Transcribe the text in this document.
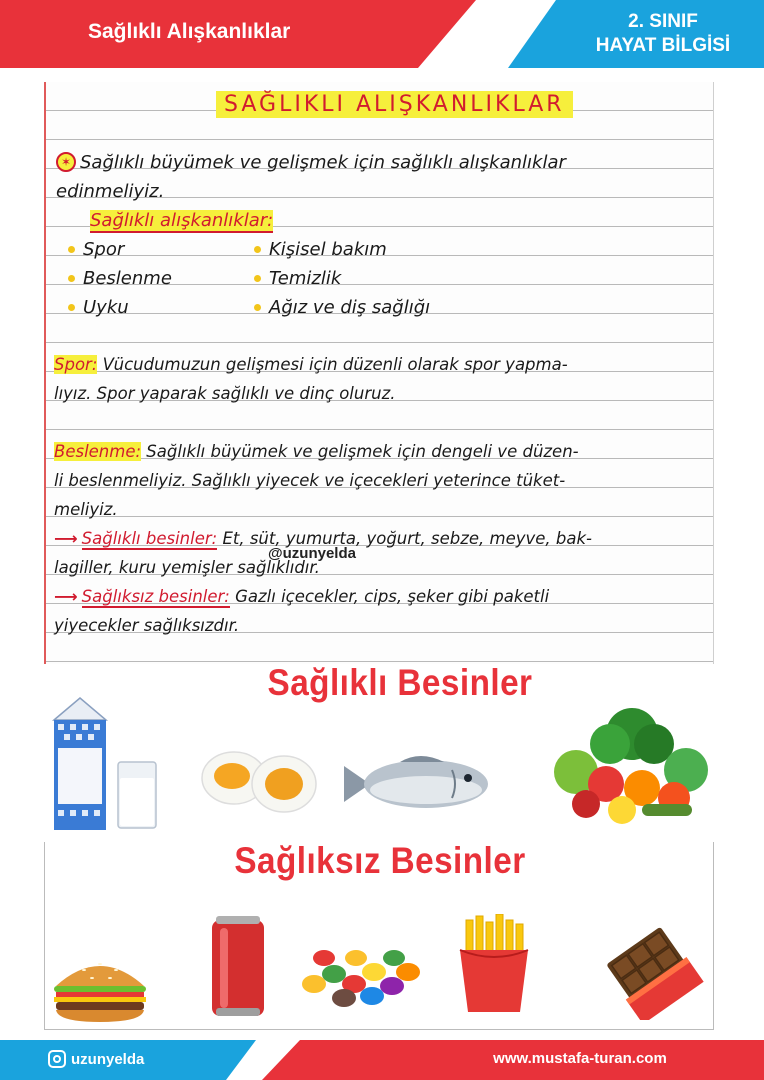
Sağlıklı Alışkanlıklar	2. SINIF
HAYAT BİLGİSİ
SAĞLIKLI ALIŞKANLIKLAR
✶ Sağlıklı büyümek ve gelişmek için sağlıklı alışkanlıklar
edinmeliyiz.
Sağlıklı alışkanlıklar:
Spor
Beslenme
Uyku
Kişisel bakım
Temizlik
Ağız ve diş sağlığı
Spor: Vücudumuzun gelişmesi için düzenli olarak spor yapma-
lıyız. Spor yaparak sağlıklı ve dinç oluruz.
Beslenme: Sağlıklı büyümek ve gelişmek için dengeli ve düzen-
li beslenmeliyiz. Sağlıklı yiyecek ve içecekleri yeterince tüket-
meliyiz.
⟶ Sağlıklı besinler: Et, süt, yumurta, yoğurt, sebze, meyve, bak-
lagiller, kuru yemişler sağlıklıdır.
⟶ Sağlıksız besinler: Gazlı içecekler, cips, şeker gibi paketli
yiyecekler sağlıksızdır.
@uzunyelda
Sağlıklı Besinler
Sağlıksız Besinler
uzunyelda	www.mustafa-turan.com
